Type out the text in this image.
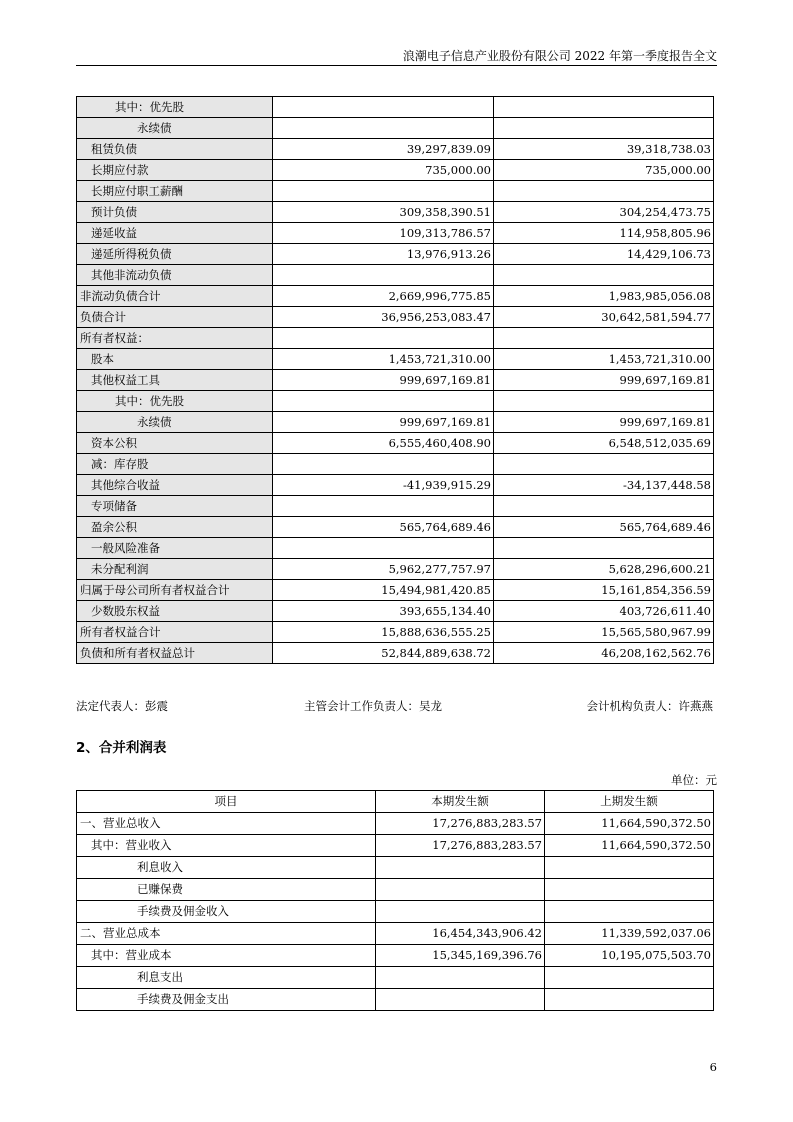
浪潮电子信息产业股份有限公司 2022 年第一季度报告全文
其中：优先股		
永续债		
租赁负债	39,297,839.09	39,318,738.03
长期应付款	735,000.00	735,000.00
长期应付职工薪酬		
预计负债	309,358,390.51	304,254,473.75
递延收益	109,313,786.57	114,958,805.96
递延所得税负债	13,976,913.26	14,429,106.73
其他非流动负债		
非流动负债合计	2,669,996,775.85	1,983,985,056.08
负债合计	36,956,253,083.47	30,642,581,594.77
所有者权益：		
股本	1,453,721,310.00	1,453,721,310.00
其他权益工具	999,697,169.81	999,697,169.81
其中：优先股		
永续债	999,697,169.81	999,697,169.81
资本公积	6,555,460,408.90	6,548,512,035.69
减：库存股		
其他综合收益	-41,939,915.29	-34,137,448.58
专项储备		
盈余公积	565,764,689.46	565,764,689.46
一般风险准备		
未分配利润	5,962,277,757.97	5,628,296,600.21
归属于母公司所有者权益合计	15,494,981,420.85	15,161,854,356.59
少数股东权益	393,655,134.40	403,726,611.40
所有者权益合计	15,888,636,555.25	15,565,580,967.99
负债和所有者权益总计	52,844,889,638.72	46,208,162,562.76
法定代表人：彭震	主管会计工作负责人：吴龙	会计机构负责人：许燕燕
2、合并利润表
单位：元
项目	本期发生额	上期发生额
一、营业总收入	17,276,883,283.57	11,664,590,372.50
其中：营业收入	17,276,883,283.57	11,664,590,372.50
利息收入		
已赚保费		
手续费及佣金收入		
二、营业总成本	16,454,343,906.42	11,339,592,037.06
其中：营业成本	15,345,169,396.76	10,195,075,503.70
利息支出		
手续费及佣金支出		
6
